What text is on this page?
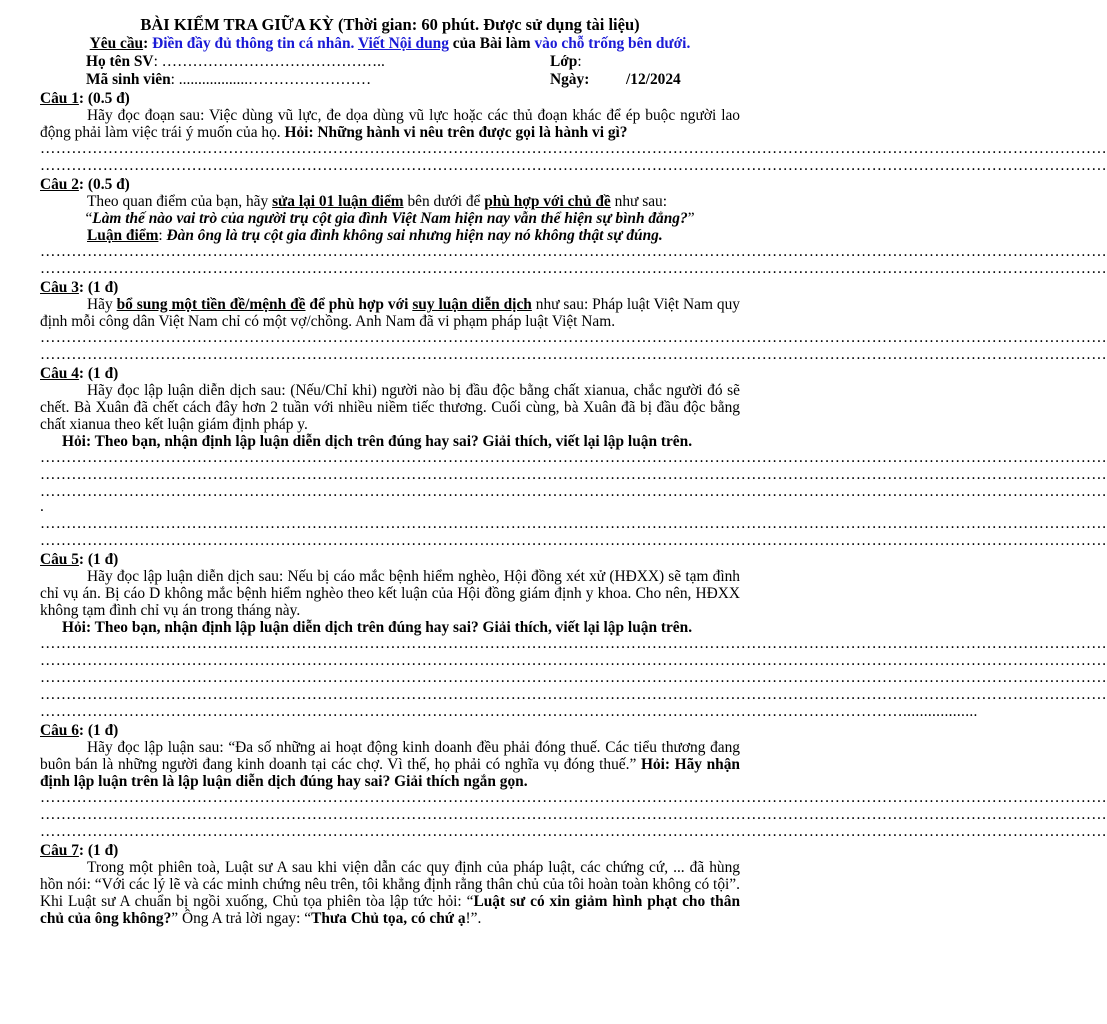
BÀI KIỂM TRA GIỮA KỲ (Thời gian: 60 phút. Được sử dụng tài liệu)
Yêu cầu: Điền đầy đủ thông tin cá nhân. Viết Nội dung của Bài làm vào chỗ trống bên dưới.
Họ tên SV: ……………………………………..	Lớp:
Mã sinh viên: ..................……………………	Ngày: /12/2024
Câu 1: (0.5 đ)
Hãy đọc đoạn sau: Việc dùng vũ lực, đe dọa dùng vũ lực hoặc các thủ đoạn khác để ép buộc người lao động phải làm việc trái ý muốn của họ. Hỏi: Những hành vi nêu trên được gọi là hành vi gì?
……………………………………………………………………………………………………………………………………………………………………………………
……………………………………………………………………………………………………………………………………………………………………………………
Câu 2: (0.5 đ)
Theo quan điểm của bạn, hãy sửa lại 01 luận điểm bên dưới để phù hợp với chủ đề như sau:
“Làm thế nào vai trò của người trụ cột gia đình Việt Nam hiện nay vẫn thể hiện sự bình đẳng?”
Luận điểm: Đàn ông là trụ cột gia đình không sai nhưng hiện nay nó không thật sự đúng.
……………………………………………………………………………………………………………………………………………………………………………………
……………………………………………………………………………………………………………………………………………………………………………………
Câu 3: (1 đ)
Hãy bổ sung một tiền đề/mệnh đề để phù hợp với suy luận diễn dịch như sau: Pháp luật Việt Nam quy định mỗi công dân Việt Nam chỉ có một vợ/chồng. Anh Nam đã vi phạm pháp luật Việt Nam.
……………………………………………………………………………………………………………………………………………………………………………………
……………………………………………………………………………………………………………………………………………………………………………………
Câu 4: (1 đ)
Hãy đọc lập luận diễn dịch sau: (Nếu/Chỉ khi) người nào bị đầu độc bằng chất xianua, chắc người đó sẽ chết. Bà Xuân đã chết cách đây hơn 2 tuần với nhiều niềm tiếc thương. Cuối cùng, bà Xuân đã bị đầu độc bằng chất xianua theo kết luận giám định pháp y.
Hỏi: Theo bạn, nhận định lập luận diễn dịch trên đúng hay sai? Giải thích, viết lại lập luận trên.
……………………………………………………………………………………………………………………………………………………………………………………
……………………………………………………………………………………………………………………………………………………………………………………
……………………………………………………………………………………………………………………………………………………………………………………
.
……………………………………………………………………………………………………………………………………………………………………………………
……………………………………………………………………………………………………………………………………………………………………………………
Câu 5: (1 đ)
Hãy đọc lập luận diễn dịch sau: Nếu bị cáo mắc bệnh hiểm nghèo, Hội đồng xét xử (HĐXX) sẽ tạm đình chỉ vụ án. Bị cáo D không mắc bệnh hiểm nghèo theo kết luận của Hội đồng giám định y khoa. Cho nên, HĐXX không tạm đình chỉ vụ án trong tháng này.
Hỏi: Theo bạn, nhận định lập luận diễn dịch trên đúng hay sai? Giải thích, viết lại lập luận trên.
……………………………………………………………………………………………………………………………………………………………………………………
……………………………………………………………………………………………………………………………………………………………………………………
……………………………………………………………………………………………………………………………………………………………………………………
……………………………………………………………………………………………………………………………………………………………………………………
…………………………………………………………………………………………………………………………………………………..................
Câu 6: (1 đ)
Hãy đọc lập luận sau: “Đa số những ai hoạt động kinh doanh đều phải đóng thuế. Các tiểu thương đang buôn bán là những người đang kinh doanh tại các chợ. Vì thế, họ phải có nghĩa vụ đóng thuế.” Hỏi: Hãy nhận định lập luận trên là lập luận diễn dịch đúng hay sai? Giải thích ngắn gọn.
……………………………………………………………………………………………………………………………………………………………………………………
……………………………………………………………………………………………………………………………………………………………………………………
……………………………………………………………………………………………………………………………………………………………………………………
Câu 7: (1 đ)
Trong một phiên toà, Luật sư A sau khi viện dẫn các quy định của pháp luật, các chứng cứ, ... đã hùng hồn nói: “Với các lý lẽ và các minh chứng nêu trên, tôi khẳng định rằng thân chủ của tôi hoàn toàn không có tội”. Khi Luật sư A chuẩn bị ngồi xuống, Chủ tọa phiên tòa lập tức hỏi: “Luật sư có xin giảm hình phạt cho thân chủ của ông không?” Ông A trả lời ngay: “Thưa Chủ tọa, có chứ ạ!”.
